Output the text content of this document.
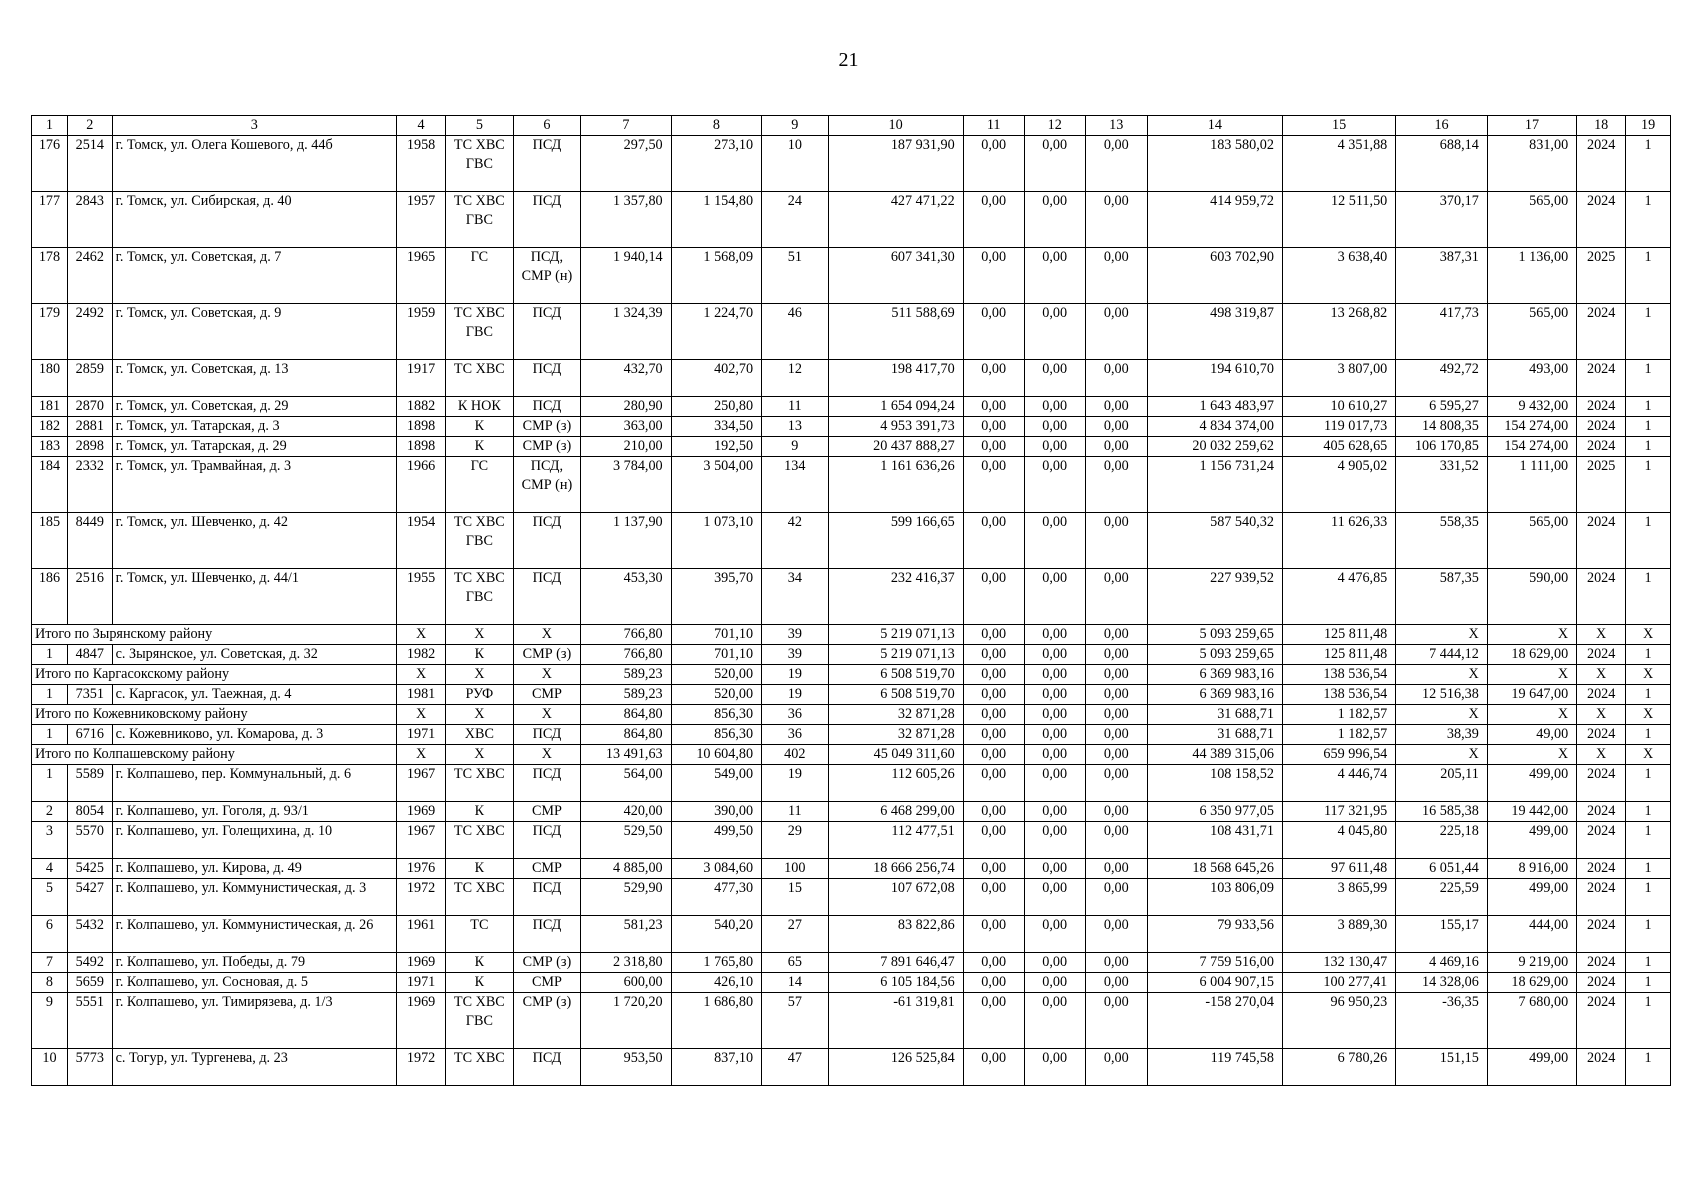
21
1	2	3	4	5	6	7	8	9	10	11	12	13	14	15	16	17	18	19
176	2514	г. Томск, ул. Олега Кошевого, д. 44б	1958	ТС ХВС ГВС	ПСД	297,50	273,10	10	187 931,90	0,00	0,00	0,00	183 580,02	4 351,88	688,14	831,00	2024	1
177	2843	г. Томск, ул. Сибирская, д. 40	1957	ТС ХВС ГВС	ПСД	1 357,80	1 154,80	24	427 471,22	0,00	0,00	0,00	414 959,72	12 511,50	370,17	565,00	2024	1
178	2462	г. Томск, ул. Советская, д. 7	1965	ГС	ПСД, СМР (н)	1 940,14	1 568,09	51	607 341,30	0,00	0,00	0,00	603 702,90	3 638,40	387,31	1 136,00	2025	1
179	2492	г. Томск, ул. Советская, д. 9	1959	ТС ХВС ГВС	ПСД	1 324,39	1 224,70	46	511 588,69	0,00	0,00	0,00	498 319,87	13 268,82	417,73	565,00	2024	1
180	2859	г. Томск, ул. Советская, д. 13	1917	ТС ХВС	ПСД	432,70	402,70	12	198 417,70	0,00	0,00	0,00	194 610,70	3 807,00	492,72	493,00	2024	1
181	2870	г. Томск, ул. Советская, д. 29	1882	К НОК	ПСД	280,90	250,80	11	1 654 094,24	0,00	0,00	0,00	1 643 483,97	10 610,27	6 595,27	9 432,00	2024	1
182	2881	г. Томск, ул. Татарская, д. 3	1898	К	СМР (з)	363,00	334,50	13	4 953 391,73	0,00	0,00	0,00	4 834 374,00	119 017,73	14 808,35	154 274,00	2024	1
183	2898	г. Томск, ул. Татарская, д. 29	1898	К	СМР (з)	210,00	192,50	9	20 437 888,27	0,00	0,00	0,00	20 032 259,62	405 628,65	106 170,85	154 274,00	2024	1
184	2332	г. Томск, ул. Трамвайная, д. 3	1966	ГС	ПСД, СМР (н)	3 784,00	3 504,00	134	1 161 636,26	0,00	0,00	0,00	1 156 731,24	4 905,02	331,52	1 111,00	2025	1
185	8449	г. Томск, ул. Шевченко, д. 42	1954	ТС ХВС ГВС	ПСД	1 137,90	1 073,10	42	599 166,65	0,00	0,00	0,00	587 540,32	11 626,33	558,35	565,00	2024	1
186	2516	г. Томск, ул. Шевченко, д. 44/1	1955	ТС ХВС ГВС	ПСД	453,30	395,70	34	232 416,37	0,00	0,00	0,00	227 939,52	4 476,85	587,35	590,00	2024	1
Итого по Зырянскому району			Х	Х	Х	766,80	701,10	39	5 219 071,13	0,00	0,00	0,00	5 093 259,65	125 811,48	Х	Х	Х	Х
1	4847	с. Зырянское, ул. Советская, д. 32	1982	К	СМР (з)	766,80	701,10	39	5 219 071,13	0,00	0,00	0,00	5 093 259,65	125 811,48	7 444,12	18 629,00	2024	1
Итого по Каргасокскому району			Х	Х	Х	589,23	520,00	19	6 508 519,70	0,00	0,00	0,00	6 369 983,16	138 536,54	Х	Х	Х	Х
1	7351	с. Каргасок, ул. Таежная, д. 4	1981	РУФ	СМР	589,23	520,00	19	6 508 519,70	0,00	0,00	0,00	6 369 983,16	138 536,54	12 516,38	19 647,00	2024	1
Итого по Кожевниковскому району			Х	Х	Х	864,80	856,30	36	32 871,28	0,00	0,00	0,00	31 688,71	1 182,57	Х	Х	Х	Х
1	6716	с. Кожевниково, ул. Комарова, д. 3	1971	ХВС	ПСД	864,80	856,30	36	32 871,28	0,00	0,00	0,00	31 688,71	1 182,57	38,39	49,00	2024	1
Итого по Колпашевскому району			Х	Х	Х	13 491,63	10 604,80	402	45 049 311,60	0,00	0,00	0,00	44 389 315,06	659 996,54	Х	Х	Х	Х
1	5589	г. Колпашево, пер. Коммунальный, д. 6	1967	ТС ХВС	ПСД	564,00	549,00	19	112 605,26	0,00	0,00	0,00	108 158,52	4 446,74	205,11	499,00	2024	1
2	8054	г. Колпашево, ул. Гоголя, д. 93/1	1969	К	СМР	420,00	390,00	11	6 468 299,00	0,00	0,00	0,00	6 350 977,05	117 321,95	16 585,38	19 442,00	2024	1
3	5570	г. Колпашево, ул. Голещихина, д. 10	1967	ТС ХВС	ПСД	529,50	499,50	29	112 477,51	0,00	0,00	0,00	108 431,71	4 045,80	225,18	499,00	2024	1
4	5425	г. Колпашево, ул. Кирова, д. 49	1976	К	СМР	4 885,00	3 084,60	100	18 666 256,74	0,00	0,00	0,00	18 568 645,26	97 611,48	6 051,44	8 916,00	2024	1
5	5427	г. Колпашево, ул. Коммунистическая, д. 3	1972	ТС ХВС	ПСД	529,90	477,30	15	107 672,08	0,00	0,00	0,00	103 806,09	3 865,99	225,59	499,00	2024	1
6	5432	г. Колпашево, ул. Коммунистическая, д. 26	1961	ТС	ПСД	581,23	540,20	27	83 822,86	0,00	0,00	0,00	79 933,56	3 889,30	155,17	444,00	2024	1
7	5492	г. Колпашево, ул. Победы, д. 79	1969	К	СМР (з)	2 318,80	1 765,80	65	7 891 646,47	0,00	0,00	0,00	7 759 516,00	132 130,47	4 469,16	9 219,00	2024	1
8	5659	г. Колпашево, ул. Сосновая, д. 5	1971	К	СМР	600,00	426,10	14	6 105 184,56	0,00	0,00	0,00	6 004 907,15	100 277,41	14 328,06	18 629,00	2024	1
9	5551	г. Колпашево, ул. Тимирязева, д. 1/3	1969	ТС ХВС ГВС	СМР (з)	1 720,20	1 686,80	57	-61 319,81	0,00	0,00	0,00	-158 270,04	96 950,23	-36,35	7 680,00	2024	1
10	5773	с. Тогур, ул. Тургенева, д. 23	1972	ТС ХВС	ПСД	953,50	837,10	47	126 525,84	0,00	0,00	0,00	119 745,58	6 780,26	151,15	499,00	2024	1
